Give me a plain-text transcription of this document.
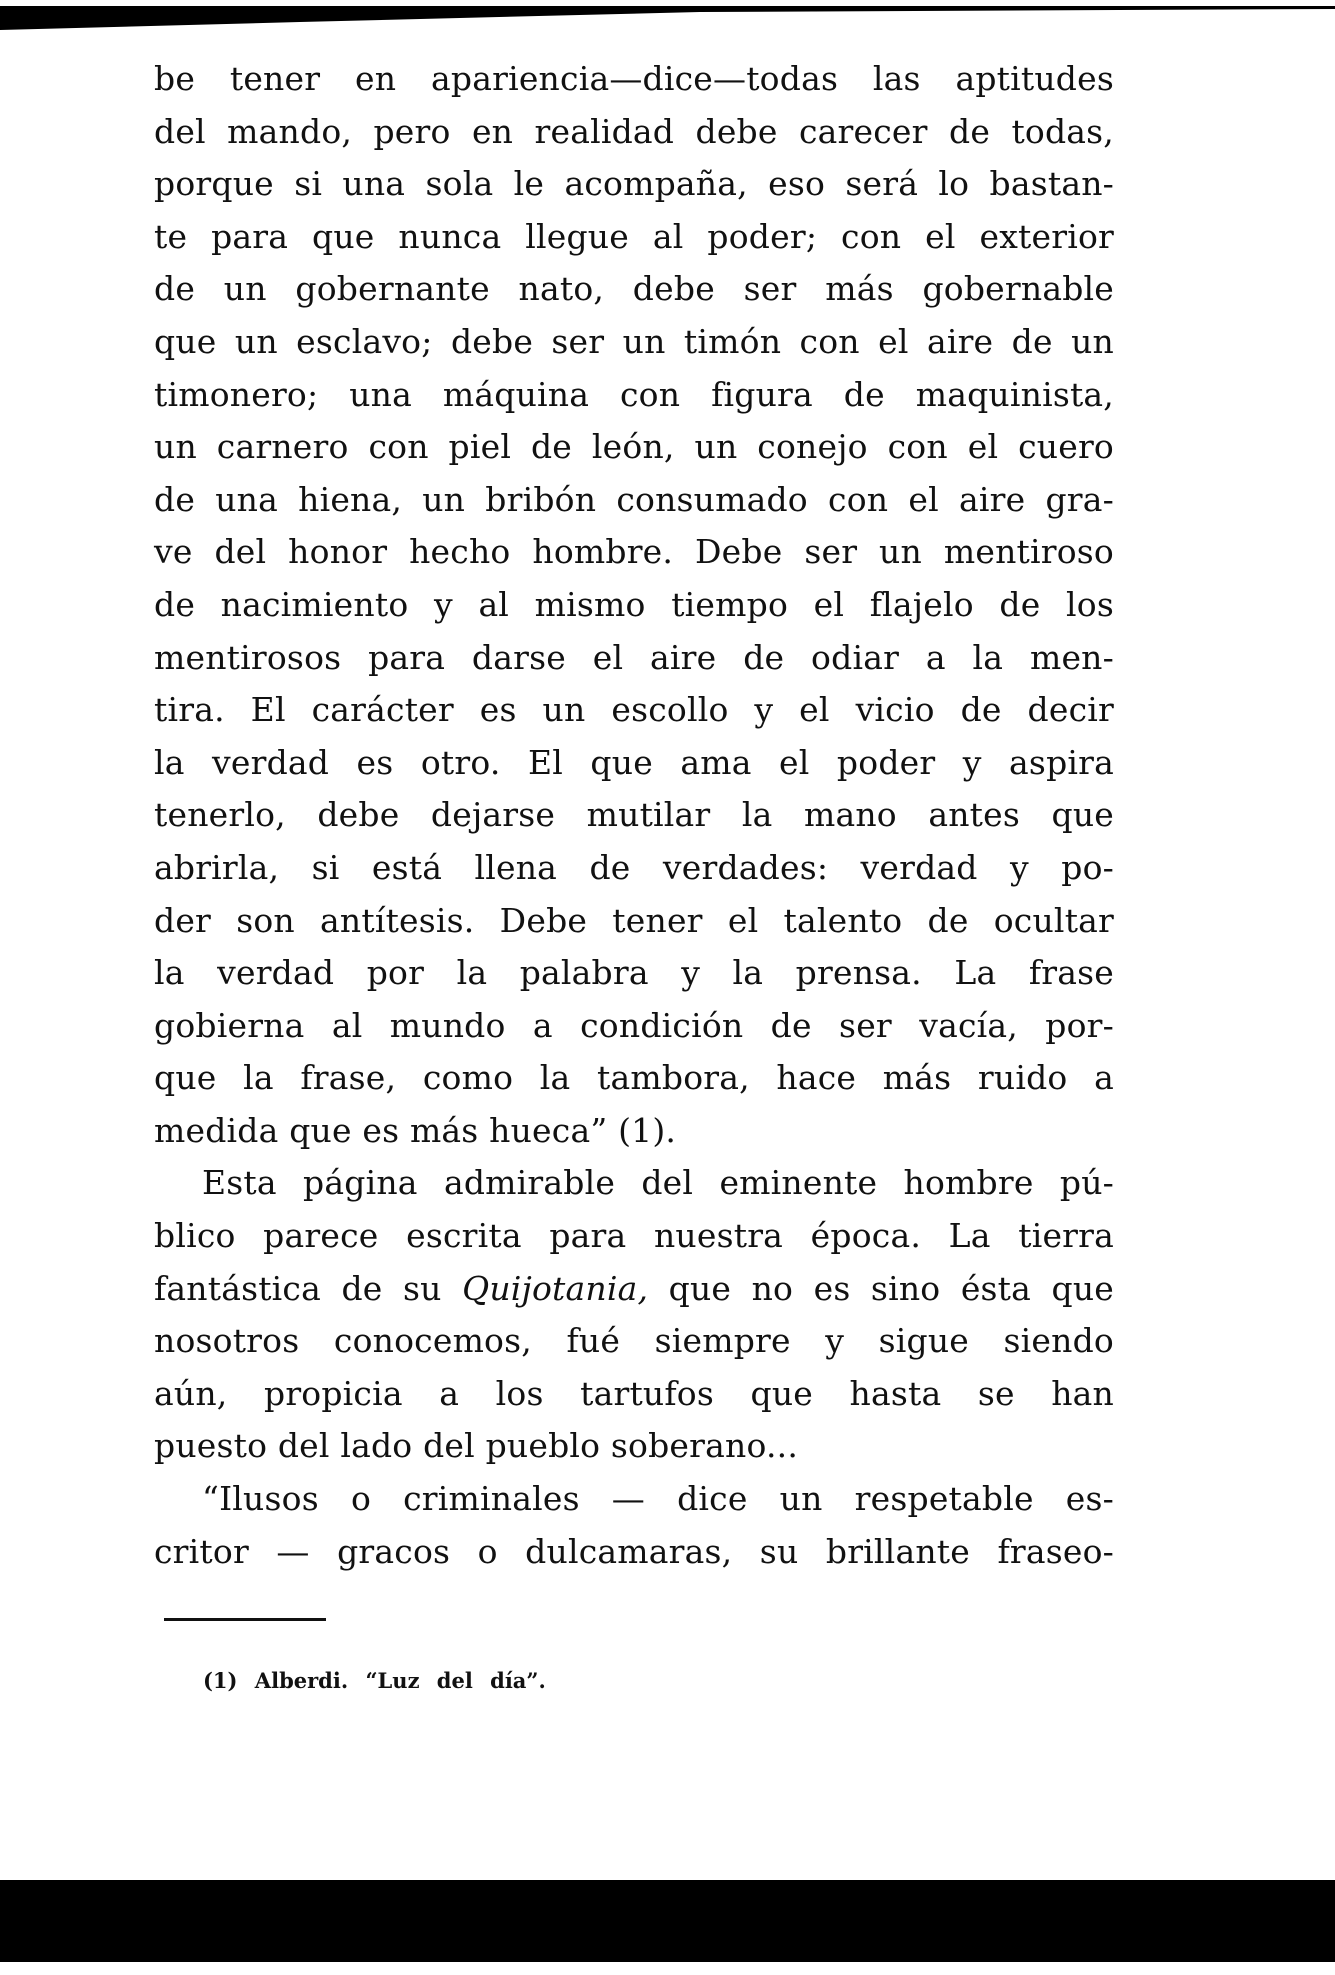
be tener en apariencia—dice—todas las aptitudes
del mando, pero en realidad debe carecer de todas,
porque si una sola le acompaña, eso será lo bastan-
te para que nunca llegue al poder; con el exterior
de un gobernante nato, debe ser más gobernable
que un esclavo; debe ser un timón con el aire de un
timonero; una máquina con figura de maquinista,
un carnero con piel de león, un conejo con el cuero
de una hiena, un bribón consumado con el aire gra-
ve del honor hecho hombre. Debe ser un mentiroso
de nacimiento y al mismo tiempo el flajelo de los
mentirosos para darse el aire de odiar a la men-
tira. El carácter es un escollo y el vicio de decir
la verdad es otro. El que ama el poder y aspira
tenerlo, debe dejarse mutilar la mano antes que
abrirla, si está llena de verdades: verdad y po-
der son antítesis. Debe tener el talento de ocultar
la verdad por la palabra y la prensa. La frase
gobierna al mundo a condición de ser vacía, por-
que la frase, como la tambora, hace más ruido a
medida que es más hueca” (1).
Esta página admirable del eminente hombre pú-
blico parece escrita para nuestra época. La tierra
fantástica de su Quijotania, que no es sino ésta que
nosotros conocemos, fué siempre y sigue siendo
aún, propicia a los tartufos que hasta se han
puesto del lado del pueblo soberano...
“Ilusos o criminales — dice un respetable es-
critor — gracos o dulcamaras, su brillante fraseo-
(1) Alberdi. “Luz del día”.
